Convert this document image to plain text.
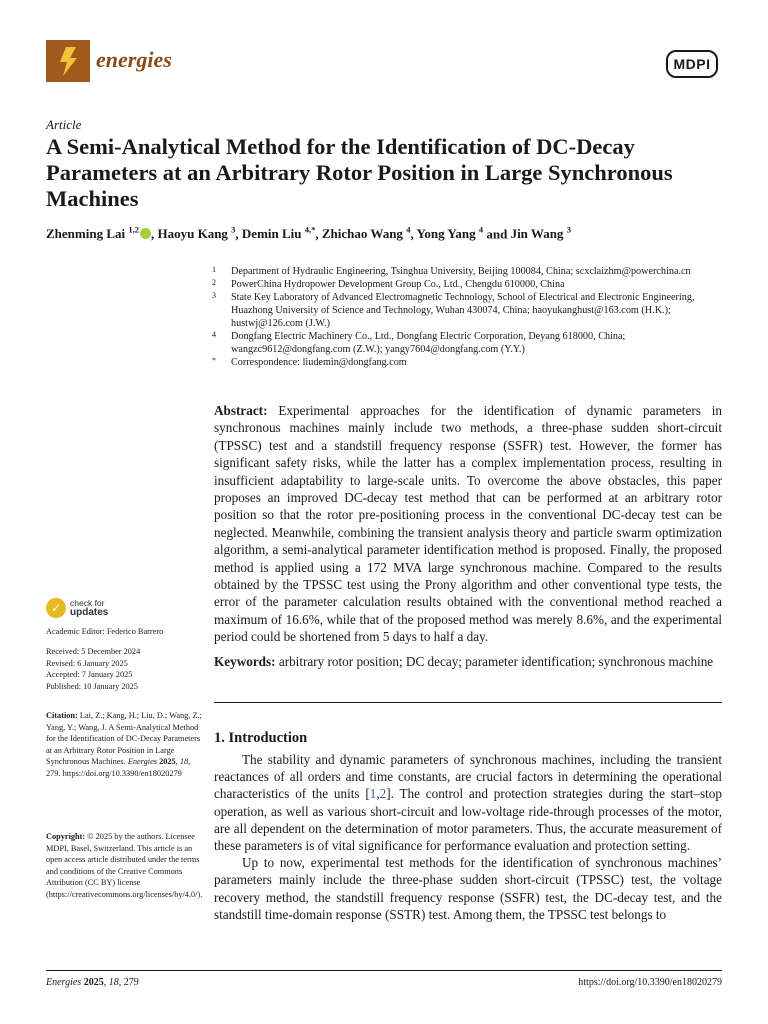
energies	MDPI
Article
A Semi-Analytical Method for the Identification of DC-Decay Parameters at an Arbitrary Rotor Position in Large Synchronous Machines
Zhenming Lai $^{1,2}$ , Haoyu Kang $^3$, Demin Liu $^{4,*}$, Zhichao Wang $^4$, Yong Yang $^4$ and Jin Wang $^3$
1 Department of Hydraulic Engineering, Tsinghua University, Beijing 100084, China; scxclaizhm@powerchina.cn
2 PowerChina Hydropower Development Group Co., Ltd., Chengdu 610000, China
3 State Key Laboratory of Advanced Electromagnetic Technology, School of Electrical and Electronic Engineering, Huazhong University of Science and Technology, Wuhan 430074, China; haoyukanghust@163.com (H.K.); hustwj@126.com (J.W.)
4 Dongfang Electric Machinery Co., Ltd., Dongfang Electric Corporation, Deyang 618000, China; wangzc9612@dongfang.com (Z.W.); yangy7604@dongfang.com (Y.Y.)
* Correspondence: liudemin@dongfang.com
Abstract: Experimental approaches for the identification of dynamic parameters in synchronous machines mainly include two methods, a three-phase sudden short-circuit (TPSSC) test and a standstill frequency response (SSFR) test. However, the former has significant safety risks, while the latter has a complex implementation process, resulting in insufficient adaptability to large-scale units. To overcome the above obstacles, this paper proposes an improved DC-decay test method that can be performed at an arbitrary rotor position so that the rotor pre-positioning process in the conventional DC-decay test can be neglected. Meanwhile, combining the transient analysis theory and particle swarm optimization algorithm, a semi-analytical parameter identification method is proposed. Finally, the proposed method is applied using a 172 MVA large synchronous machine. Compared to the results obtained by the TPSSC test using the Prony algorithm and other conventional type tests, the error of the parameter calculation results obtained with the conventional method reached a maximum of 16.6%, while that of the proposed method was merely 8.6%, and the experimental period could be shortened from 5 days to half a day.
Keywords: arbitrary rotor position; DC decay; parameter identification; synchronous machine
1. Introduction

The stability and dynamic parameters of synchronous machines, including the transient reactances of all orders and time constants, are crucial factors in determining the operational characteristics of the units [1,2]. The control and protection strategies during the start–stop operation, as well as various short-circuit and low-voltage ride-through processes of the motor, are all dependent on the determination of motor parameters. Thus, the accurate measurement of these parameters is of vital significance for performance evaluation and protection setting.

Up to now, experimental test methods for the identification of synchronous machines’ parameters mainly include the three-phase sudden short-circuit (TPSSC) test, the voltage recovery method, the standstill frequency response (SSFR) test, the DC-decay test, and the standstill time-domain response (SSTR) test. Among them, the TPSSC test belongs to

✓	check for
updates
Academic Editor: Federico Barrero
Received: 5 December 2024
Revised: 6 January 2025
Accepted: 7 January 2025
Published: 10 January 2025
Citation: Lai, Z.; Kang, H.; Liu, D.; Wang, Z.; Yang, Y.; Wang, J. A Semi-Analytical Method for the Identification of DC-Decay Parameters at an Arbitrary Rotor Position in Large Synchronous Machines. Energies 2025, 18, 279. https://doi.org/10.3390/en18020279
Copyright: © 2025 by the authors. Licensee MDPI, Basel, Switzerland. This article is an open access article distributed under the terms and conditions of the Creative Commons Attribution (CC BY) license (https://creativecommons.org/licenses/by/4.0/).
Energies 2025, 18, 279	https://doi.org/10.3390/en18020279
